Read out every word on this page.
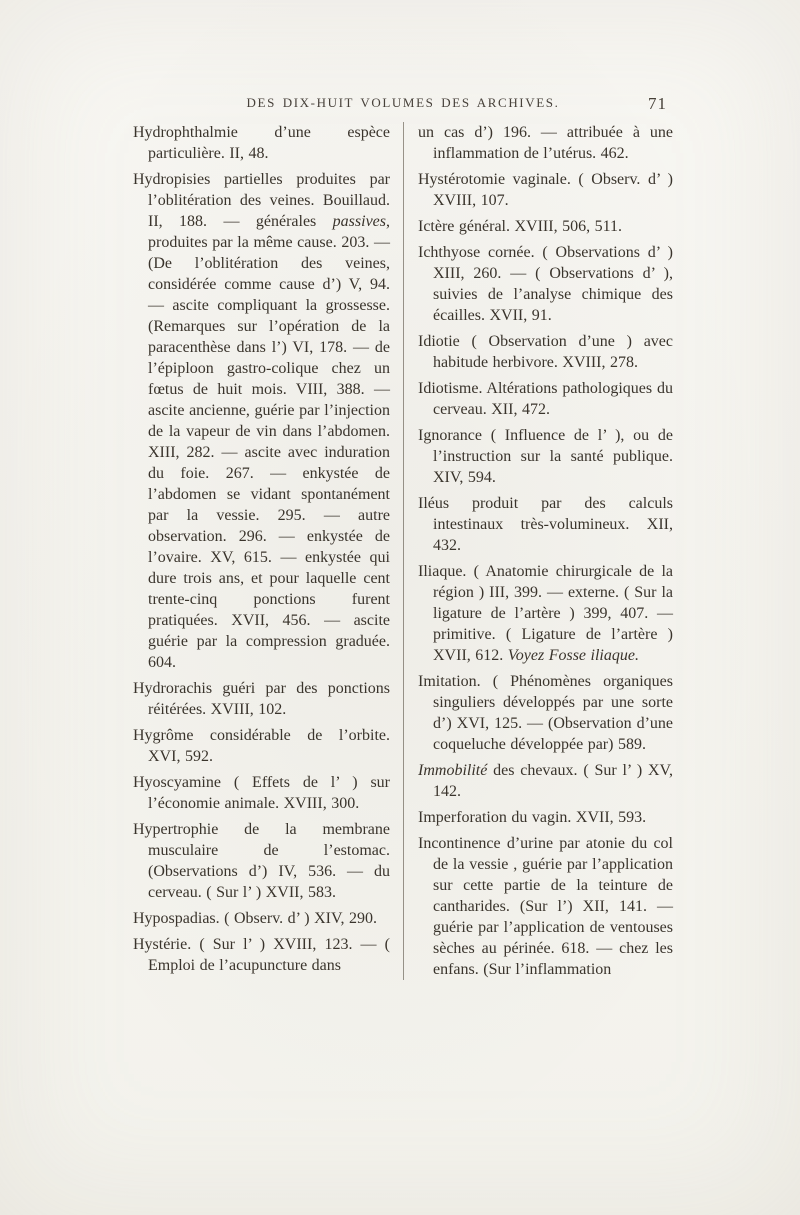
DES DIX-HUIT VOLUMES DES ARCHIVES.	71

Hydrophthalmie d’une espèce particulière. II, 48.

Hydropisies partielles produites par l’oblitération des veines. Bouillaud. II, 188. — générales passives, produites par la même cause. 203. — (De l’oblitération des veines, considérée comme cause d’) V, 94. — ascite compliquant la grossesse. (Remarques sur l’opération de la paracenthèse dans l’) VI, 178. — de l’épiploon gastro-colique chez un fœtus de huit mois. VIII, 388. — ascite ancienne, guérie par l’injection de la vapeur de vin dans l’abdomen. XIII, 282. — ascite avec induration du foie. 267. — enkystée de l’abdomen se vidant spontanément par la vessie. 295. — autre observation. 296. — enkystée de l’ovaire. XV, 615. — enkystée qui dure trois ans, et pour laquelle cent trente-cinq ponctions furent pratiquées. XVII, 456. — ascite guérie par la compression graduée. 604.

Hydrorachis guéri par des ponctions réitérées. XVIII, 102.

Hygrôme considérable de l’orbite. XVI, 592.

Hyoscyamine ( Effets de l’ ) sur l’économie animale. XVIII, 300.

Hypertrophie de la membrane musculaire de l’estomac. (Observations d’) IV, 536. — du cerveau. ( Sur l’ ) XVII, 583.

Hypospadias. ( Observ. d’ ) XIV, 290.

Hystérie. ( Sur l’ ) XVIII, 123. — ( Emploi de l’acupuncture dans

un cas d’) 196. — attribuée à une inflammation de l’utérus. 462.

Hystérotomie vaginale. ( Observ. d’ ) XVIII, 107.

Ictère général. XVIII, 506, 511.

Ichthyose cornée. ( Observations d’ ) XIII, 260. — ( Observations d’ ), suivies de l’analyse chimique des écailles. XVII, 91.

Idiotie ( Observation d’une ) avec habitude herbivore. XVIII, 278.

Idiotisme. Altérations pathologiques du cerveau. XII, 472.

Ignorance ( Influence de l’ ), ou de l’instruction sur la santé publique. XIV, 594.

Iléus produit par des calculs intestinaux très-volumineux. XII, 432.

Iliaque. ( Anatomie chirurgicale de la région ) III, 399. — externe. ( Sur la ligature de l’artère ) 399, 407. — primitive. ( Ligature de l’artère ) XVII, 612. Voyez Fosse iliaque.

Imitation. ( Phénomènes organiques singuliers développés par une sorte d’) XVI, 125. — (Observation d’une coqueluche développée par) 589.

Immobilité des chevaux. ( Sur l’ ) XV, 142.

Imperforation du vagin. XVII, 593.

Incontinence d’urine par atonie du col de la vessie , guérie par l’application sur cette partie de la teinture de cantharides. (Sur l’) XII, 141. — guérie par l’application de ventouses sèches au périnée. 618. — chez les enfans. (Sur l’inflammation
